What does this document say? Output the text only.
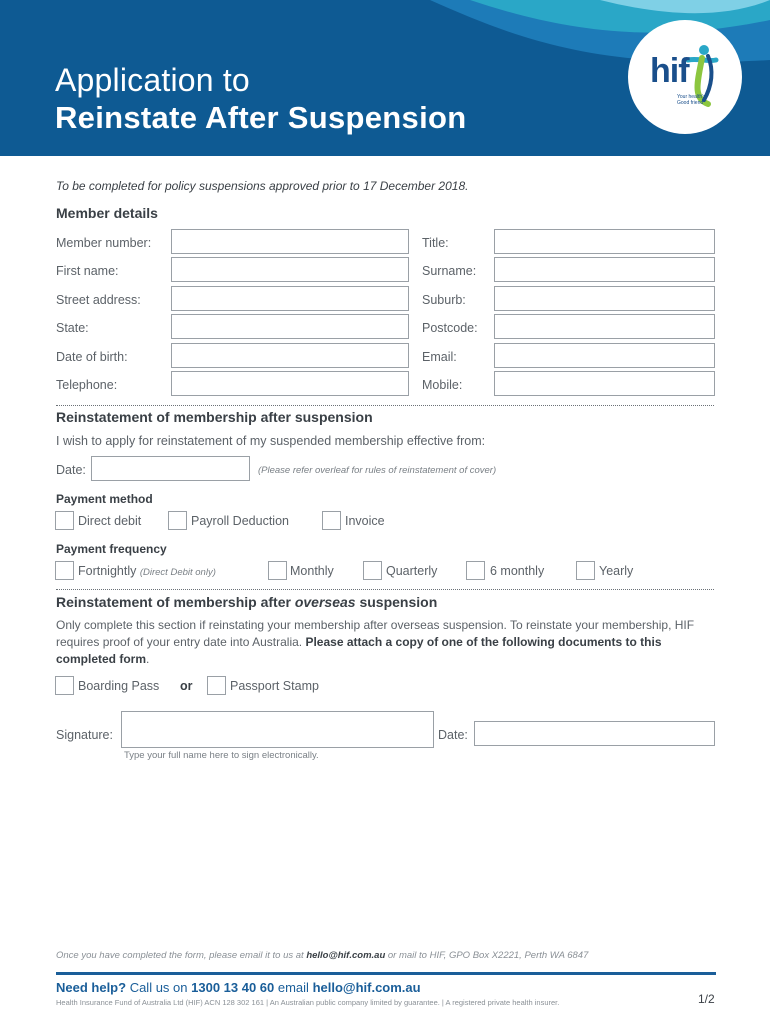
Application to
Reinstate After Suspension
hif
Your health's Good friend
To be completed for policy suspensions approved prior to 17 December 2018.
Member details
Member number:	Title:
First name:	Surname:
Street address:	Suburb:
State:	Postcode:
Date of birth:	Email:
Telephone:	Mobile:
Reinstatement of membership after suspension
I wish to apply for reinstatement of my suspended membership effective from:
Date:	(Please refer overleaf for rules of reinstatement of cover)
Payment method
Direct debit	Payroll Deduction	Invoice
Payment frequency
Fortnightly (Direct Debit only)	Monthly	Quarterly	6 monthly	Yearly
Reinstatement of membership after overseas suspension
Only complete this section if reinstating your membership after overseas suspension. To reinstate your membership, HIF requires proof of your entry date into Australia. Please attach a copy of one of the following documents to this completed form.
Boarding Pass or	Passport Stamp
Signature:	Date:
Type your full name here to sign electronically.
Once you have completed the form, please email it to us at hello@hif.com.au or mail to HIF, GPO Box X2221, Perth WA 6847
Need help? Call us on 1300 13 40 60 email hello@hif.com.au
Health Insurance Fund of Australia Ltd (HIF) ACN 128 302 161 | An Australian public company limited by guarantee. | A registered private health insurer.	1/2
